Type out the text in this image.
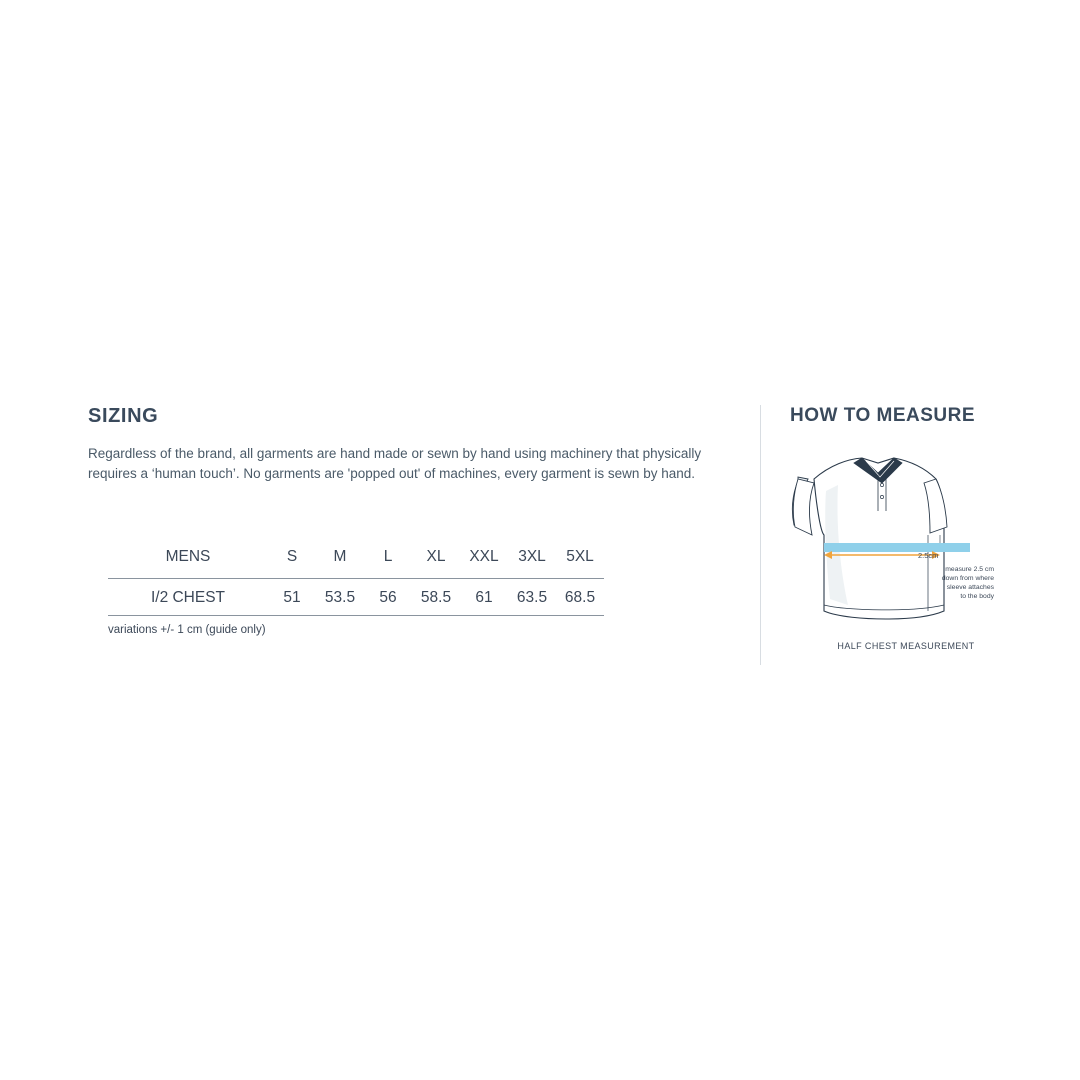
SIZING

Regardless of the brand, all garments are hand made or sewn by hand using machinery that physically requires a ‘human touch’. No garments are 'popped out' of machines, every garment is sewn by hand.

MENS	S	M	L	XL	XXL	3XL	5XL
I/2 CHEST	51	53.5	56	58.5	61	63.5	68.5
variations +/- 1 cm (guide only)
HOW TO MEASURE
2.5cm
measure 2.5 cm
down from where
sleeve attaches
to the body
HALF CHEST MEASUREMENT
